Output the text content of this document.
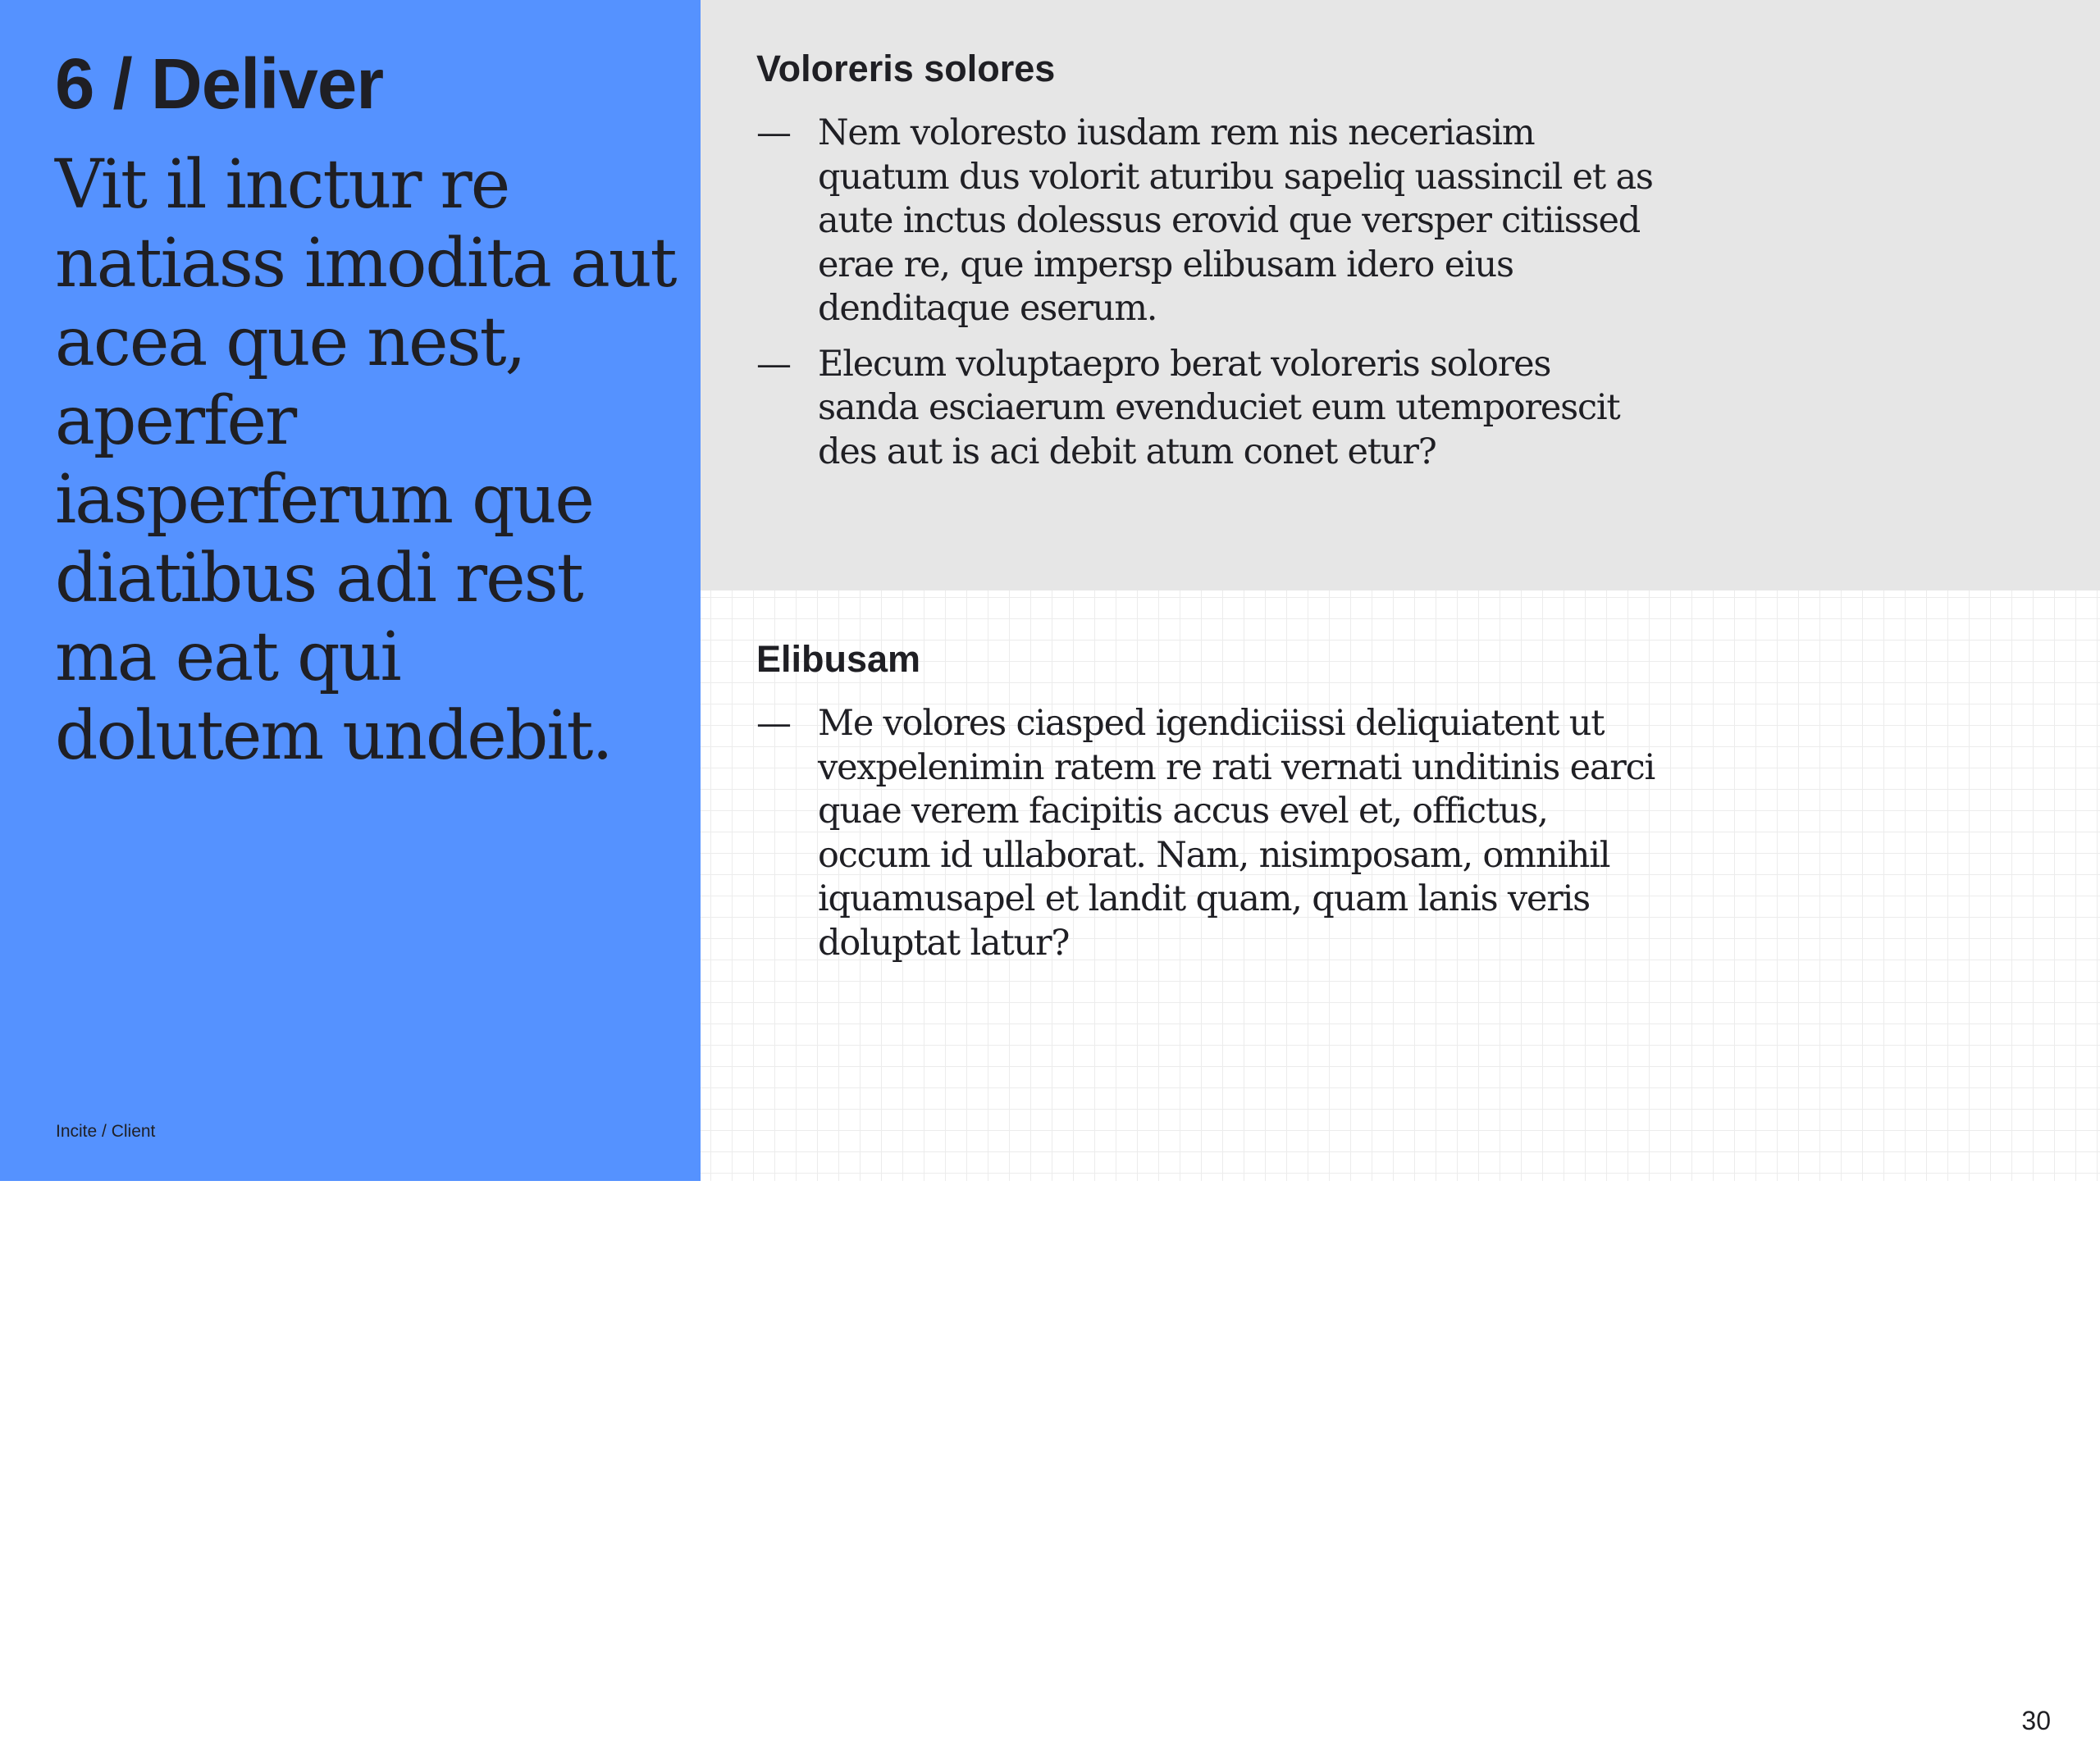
6 / Deliver

Vit il inctur re natiass imodita aut acea que nest, aperfer iasperferum que diatibus adi rest ma eat qui dolutem undebit.

Incite / Client
Voloreris solores
— Nem voloresto iusdam rem nis neceriasim quatum dus volorit aturibu sapeliq uassincil et as aute inctus dolessus erovid que versper citiissed erae re, que impersp elibusam idero eius denditaque eserum.
— Elecum voluptaepro berat voloreris solores sanda esciaerum evenduciet eum utemporescit des aut is aci debit atum conet etur?
Elibusam
— Me volores ciasped igendiciissi deliquiatent ut vexpelenimin ratem re rati vernati unditinis earci quae verem facipitis accus evel et, offictus, occum id ullaborat. Nam, nisimposam, omnihil iquamusapel et landit quam, quam lanis veris doluptat latur?
30
